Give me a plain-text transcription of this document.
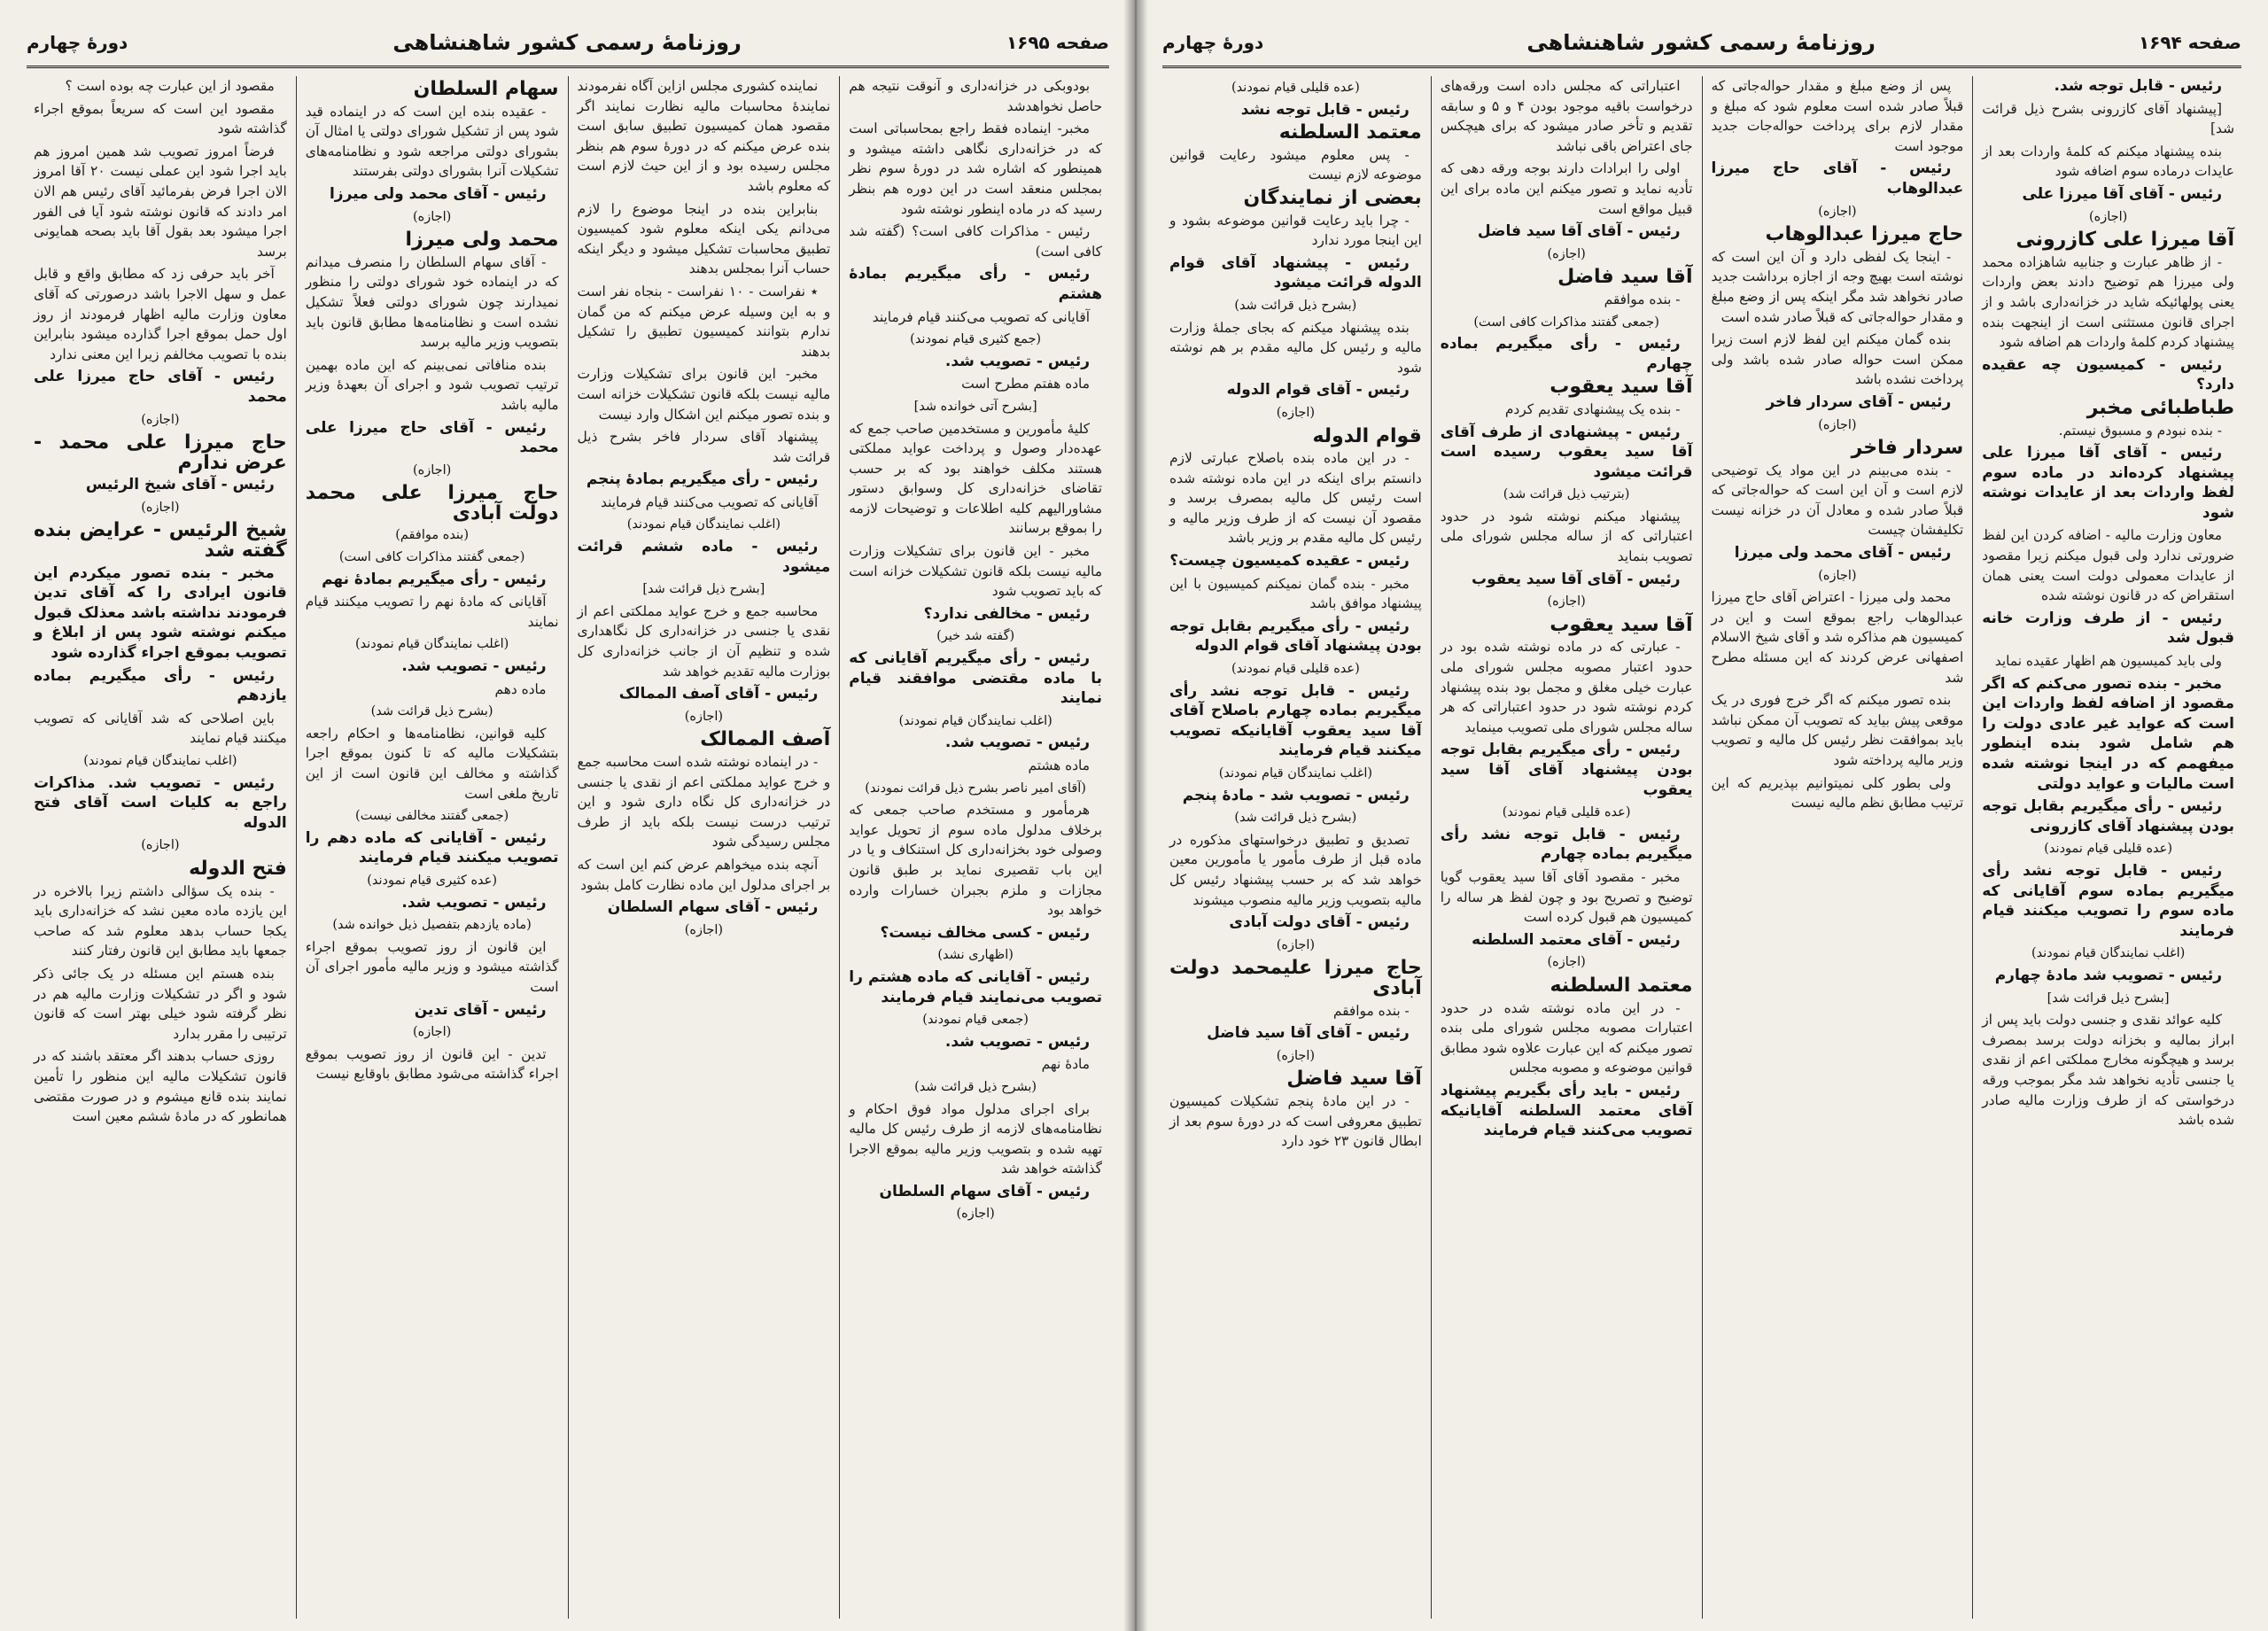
صفحه ۱۶۹۵
روزنامهٔ رسمی کشور شاهنشاهی
دورهٔ چهارم

بودوبکی در خزانه‌داری و آنوقت نتیجه هم حاصل نخواهدشد

مخبر- اینماده فقط راجع بمحاسباتی است که در خزانه‌داری نگاهی داشته میشود و همینطور که اشاره شد در دورهٔ سوم نظر بمجلس منعقد است در این دوره هم بنظر رسید که در ماده اینطور نوشته شود

رئیس - مذاکرات کافی است؟ (گفته شد کافی است)

رئیس - رأی میگیریم بمادهٔ هشتم

آقایانی که تصویب می‌کنند قیام فرمایند

(جمع کثیری قیام نمودند)

رئیس - تصویب شد.

ماده هفتم مطرح است

[بشرح آتی خوانده شد]

کلیهٔ مأمورین و مستخدمین صاحب جمع که عهده‌دار وصول و پرداخت عواید مملکتی هستند مکلف خواهند بود که بر حسب تقاضای خزانه‌داری کل وسوابق دستور مشاورالیهم کلیه اطلاعات و توضیحات لازمه را بموقع برسانند

مخبر - این قانون برای تشکیلات وزارت مالیه نیست بلکه قانون تشکیلات خزانه است که باید تصویب شود

رئیس - مخالفی ندارد؟

(گفته شد خیر)

رئیس - رأی میگیریم آقایانی که با ماده مقتضی موافقند قیام نمایند

(اغلب نمایندگان قیام نمودند)

رئیس - تصویب شد.

ماده هشتم

(آقای امیر ناصر بشرح ذیل قرائت نمودند)

هرمأمور و مستخدم صاحب جمعی که برخلاف مدلول ماده سوم از تحویل عواید وصولی خود بخزانه‌داری کل استنکاف و یا در این باب تقصیری نماید بر طبق قانون مجازات و ملزم بجبران خسارات وارده خواهد بود

رئیس - کسی مخالف نیست؟

(اظهاری نشد)

رئیس - آقایانی که ماده هشتم را تصویب می‌نمایند قیام فرمایند

(جمعی قیام نمودند)

رئیس - تصویب شد.

مادهٔ نهم

(بشرح ذیل قرائت شد)

برای اجرای مدلول مواد فوق احکام و نظامنامه‌های لازمه از طرف رئیس کل مالیه تهیه شده و بتصویب وزیر مالیه بموقع الاجرا گذاشته خواهد شد

رئیس - آقای سهام السلطان

(اجازه)

نماینده کشوری مجلس ازاین آگاه نفرمودند نمایندهٔ محاسبات مالیه نظارت نمایند اگر مقصود همان کمیسیون تطبیق سابق است بنده عرض میکنم که در دورهٔ سوم هم بنظر مجلس رسیده بود و از این حیث لازم است که معلوم باشد

بنابراین بنده در اینجا موضوع را لازم می‌دانم یکی اینکه معلوم شود کمیسیون تطبیق محاسبات تشکیل میشود و دیگر اینکه حساب آنرا بمجلس بدهند

٭ نفراست - ۱۰ نفراست - بنجاه نفر است و به این وسیله عرض میکنم که من گمان ندارم بتوانند کمیسیون تطبیق را تشکیل بدهند

مخبر- این قانون برای تشکیلات وزارت مالیه نیست بلکه قانون تشکیلات خزانه است و بنده تصور میکنم این اشکال وارد نیست

پیشنهاد آقای سردار فاخر بشرح ذیل قرائت شد

رئیس - رأی میگیریم بمادهٔ پنجم

آقایانی که تصویب می‌کنند قیام فرمایند

(اغلب نمایندگان قیام نمودند)

رئیس - ماده ششم قرائت میشود

[بشرح ذیل قرائت شد]

محاسبه جمع و خرج عواید مملکتی اعم از نقدی یا جنسی در خزانه‌داری کل نگاهداری شده و تنظیم آن از جانب خزانه‌داری کل بوزارت مالیه تقدیم خواهد شد

رئیس - آقای آصف الممالک

(اجازه)
آصف الممالک

- در اینماده نوشته شده است محاسبه جمع و خرج عواید مملکتی اعم از نقدی یا جنسی در خزانه‌داری کل نگاه داری شود و این ترتیب درست نیست بلکه باید از طرف مجلس رسیدگی شود

آنچه بنده میخواهم عرض کنم این است که بر اجرای مدلول این ماده نظارت کامل بشود

رئیس - آقای سهام السلطان

(اجازه)
سهام السلطان

- عقیده بنده این است که در اینماده قید شود پس از تشکیل شورای دولتی یا امثال آن بشورای دولتی مراجعه شود و نظامنامه‌های تشکیلات آنرا بشورای دولتی بفرستند

رئیس - آقای محمد ولی میرزا

(اجازه)
محمد ولی میرزا

- آقای سهام السلطان را منصرف میدانم که در اینماده خود شورای دولتی را منظور نمیدارند چون شورای دولتی فعلاً تشکیل نشده است و نظامنامه‌ها مطابق قانون باید بتصویب وزیر مالیه برسد

بنده منافاتی نمی‌بینم که این ماده بهمین ترتیب تصویب شود و اجرای آن بعهدهٔ وزیر مالیه باشد

رئیس - آقای حاج میرزا علی محمد

(اجازه)
حاج میرزا علی محمد دولت آبادی
(بنده موافقم)
(جمعی گفتند مذاکرات کافی است)

رئیس - رأی میگیریم بمادهٔ نهم

آقایانی که مادهٔ نهم را تصویب میکنند قیام نمایند

(اغلب نمایندگان قیام نمودند)

رئیس - تصویب شد.

ماده دهم

(بشرح ذیل قرائت شد)

کلیه قوانین، نظامنامه‌ها و احکام راجعه بتشکیلات مالیه که تا کنون بموقع اجرا گذاشته و مخالف این قانون است از این تاریخ ملغی است

(جمعی گفتند مخالفی نیست)

رئیس - آقایانی که ماده دهم را تصویب میکنند قیام فرمایند

(عده کثیری قیام نمودند)

رئیس - تصویب شد.

(ماده یازدهم بتفصیل ذیل خوانده شد)

این قانون از روز تصویب بموقع اجراء گذاشته میشود و وزیر مالیه مأمور اجرای آن است

رئیس - آقای تدین

(اجازه)

تدین - این قانون از روز تصویب بموقع اجراء گذاشته می‌شود مطابق باوقایع نیست

مقصود از این عبارت چه بوده است ؟

مقصود این است که سریعاً بموقع اجراء گذاشته شود

فرضاً امروز تصویب شد همین امروز هم باید اجرا شود این عملی نیست ۲۰ آقا امروز الان اجرا فرض بفرمائید آقای رئیس هم الان امر دادند که قانون نوشته شود آیا فی الفور اجرا میشود بعد بقول آقا باید بصحه همایونی برسد

آخر باید حرفی زد که مطابق واقع و قابل عمل و سهل الاجرا باشد درصورتی که آقای معاون وزارت مالیه اظهار فرمودند از روز اول حمل بموقع اجرا گذارده میشود بنابراین بنده با تصویب مخالفم زیرا این معنی ندارد

رئیس - آقای حاج میرزا علی محمد

(اجازه)
حاج میرزا علی محمد - عرض ندارم

رئیس - آقای شیخ الرئیس

(اجازه)
شیخ الرئیس - عرایض بنده گفته شد

مخبر - بنده تصور میکردم این قانون ایرادی را که آقای تدین فرمودند نداشته باشد معذلک قبول میکنم نوشته شود پس از ابلاغ و تصویب بموقع اجراء گذارده شود

رئیس - رأی میگیریم بماده یازدهم

باین اصلاحی که شد آقایانی که تصویب میکنند قیام نمایند

(اغلب نمایندگان قیام نمودند)

رئیس - تصویب شد. مذاکرات راجع به کلیات است آقای فتح الدوله

(اجازه)
فتح الدوله

- بنده یک سؤالی داشتم زیرا بالاخره در این یازده ماده معین نشد که خزانه‌داری باید یکجا حساب بدهد معلوم شد که صاحب جمعها باید مطابق این قانون رفتار کنند

بنده هستم این مسئله در یک جائی ذکر شود و اگر در تشکیلات وزارت مالیه هم در نظر گرفته شود خیلی بهتر است که قانون ترتیبی را مقرر بدارد

روزی حساب بدهند اگر معتقد باشند که در قانون تشکیلات مالیه این منظور را تأمین نمایند بنده قانع میشوم و در صورت مقتضی همانطور که در مادهٔ ششم معین است

صفحه ۱۶۹۴
روزنامهٔ رسمی کشور شاهنشاهی
دورهٔ چهارم

رئیس - قابل توجه شد.

[پیشنهاد آقای کازرونی بشرح ذیل قرائت شد]

بنده پیشنهاد میکنم که کلمهٔ واردات بعد از عایدات درماده سوم اضافه شود

رئیس - آقای آقا میرزا علی

(اجازه)
آقا میرزا علی کازرونی

- از ظاهر عبارت و جنابیه شاهزاده محمد ولی میرزا هم توضیح دادند بعض واردات یعنی پولهائیکه شاید در خزانه‌داری باشد و از اجرای قانون مستثنی است از اینجهت بنده پیشنهاد کردم کلمهٔ واردات هم اضافه شود

رئیس - کمیسیون چه عقیده دارد؟

طباطبائی مخبر

- بنده نبودم و مسبوق نیستم.

رئیس - آقای آقا میرزا علی پیشنهاد کرده‌اند در ماده سوم لفظ واردات بعد از عایدات نوشته شود

معاون وزارت مالیه - اضافه کردن این لفظ ضرورتی ندارد ولی قبول میکنم زیرا مقصود از عایدات معمولی دولت است یعنی همان استقراض که در قانون نوشته شده

رئیس - از طرف وزارت خانه قبول شد

ولی باید کمیسیون هم اظهار عقیده نماید

مخبر - بنده تصور می‌کنم که اگر مقصود از اضافه لفظ واردات این است که عواید غیر عادی دولت را هم شامل شود بنده اینطور میفهمم که در اینجا نوشته شده است مالیات و عواید دولتی

رئیس - رأی میگیریم بقابل توجه بودن پیشنهاد آقای کازرونی

(عده قلیلی قیام نمودند)

رئیس - قابل توجه نشد رأی میگیریم بماده سوم آقایانی که ماده سوم را تصویب میکنند قیام فرمایند

(اغلب نمایندگان قیام نمودند)

رئیس - تصویب شد مادهٔ چهارم

[بشرح ذیل قرائت شد]

کلیه عوائد نقدی و جنسی دولت باید پس از ابراز بمالیه و بخزانه دولت برسد بمصرف برسد و هیچگونه مخارج مملکتی اعم از نقدی یا جنسی تأدیه نخواهد شد مگر بموجب ورقه درخواستی که از طرف وزارت مالیه صادر شده باشد

پس از وضع مبلغ و مقدار حواله‌جاتی که قبلاً صادر شده است معلوم شود که مبلغ و مقدار لازم برای پرداخت حواله‌جات جدید موجود است

رئیس - آقای حاج میرزا عبدالوهاب

(اجازه)
حاج میرزا عبدالوهاب

- اینجا یک لفظی دارد و آن این است که نوشته است بهیچ وجه از اجازه برداشت جدید صادر نخواهد شد مگر اینکه پس از وضع مبلغ و مقدار حواله‌جاتی که قبلاً صادر شده است

بنده گمان میکنم این لفظ لازم است زیرا ممکن است حواله صادر شده باشد ولی پرداخت نشده باشد

رئیس - آقای سردار فاخر

(اجازه)
سردار فاخر

- بنده می‌بینم در این مواد یک توضیحی لازم است و آن این است که حواله‌جاتی که قبلاً صادر شده و معادل آن در خزانه نیست تکلیفشان چیست

رئیس - آقای محمد ولی میرزا

(اجازه)

محمد ولی میرزا - اعتراض آقای حاج میرزا عبدالوهاب راجع بموقع است و این در کمیسیون هم مذاکره شد و آقای شیخ الاسلام اصفهانی عرض کردند که این مسئله مطرح شد

بنده تصور میکنم که اگر خرج فوری در یک موقعی پیش بیاید که تصویب آن ممکن نباشد باید بموافقت نظر رئیس کل مالیه و تصویب وزیر مالیه پرداخته شود

ولی بطور کلی نمیتوانیم بپذیریم که این ترتیب مطابق نظم مالیه نیست

اعتباراتی که مجلس داده است ورقه‌های درخواست باقیه موجود بودن ۴ و ۵ و سابقه تقدیم و تأخر صادر میشود که برای هیچکس جای اعتراض باقی نباشد

اولی را ابرادات دارند بوجه ورقه دهی که تأدیه نماید و تصور میکنم این ماده برای این قبیل مواقع است

رئیس - آقای آقا سید فاضل

(اجازه)
آقا سید فاضل

- بنده موافقم

(جمعی گفتند مذاکرات کافی است)

رئیس - رأی میگیریم بماده چهارم

آقا سید یعقوب

- بنده یک پیشنهادی تقدیم کردم

رئیس - پیشنهادی از طرف آقای آقا سید یعقوب رسیده است قرائت میشود

(بترتیب ذیل قرائت شد)

پیشنهاد میکنم نوشته شود در حدود اعتباراتی که از ساله مجلس شورای ملی تصویب بنماید

رئیس - آقای آقا سید یعقوب

(اجازه)
آقا سید یعقوب

- عبارتی که در ماده نوشته شده بود در حدود اعتبار مصوبه مجلس شورای ملی عبارت خیلی مغلق و مجمل بود بنده پیشنهاد کردم نوشته شود در حدود اعتباراتی که هر ساله مجلس شورای ملی تصویب مینماید

رئیس - رأی میگیریم بقابل توجه بودن پیشنهاد آقای آقا سید یعقوب

(عده قلیلی قیام نمودند)

رئیس - قابل توجه نشد رأی میگیریم بماده چهارم

مخبر - مقصود آقای آقا سید یعقوب گویا توضیح و تصریح بود و چون لفظ هر ساله را کمیسیون هم قبول کرده است

رئیس - آقای معتمد السلطنه

(اجازه)
معتمد السلطنه

- در این ماده نوشته شده در حدود اعتبارات مصوبه مجلس شورای ملی بنده تصور میکنم که این عبارت علاوه شود مطابق قوانین موضوعه و مصوبه مجلس

رئیس - باید رأی بگیریم پیشنهاد آقای معتمد السلطنه آقایانیکه تصویب می‌کنند قیام فرمایند

(عده قلیلی قیام نمودند)

رئیس - قابل توجه نشد

معتمد السلطنه

- پس معلوم میشود رعایت قوانین موضوعه لازم نیست

بعضی از نمایندگان

- چرا باید رعایت قوانین موضوعه بشود و این اینجا مورد ندارد

رئیس - پیشنهاد آقای قوام الدوله قرائت میشود

(بشرح ذیل قرائت شد)

بنده پیشنهاد میکنم که بجای جملهٔ وزارت مالیه و رئیس کل مالیه مقدم بر هم نوشته شود

رئیس - آقای قوام الدوله

(اجازه)
قوام الدوله

- در این ماده بنده باصلاح عبارتی لازم دانستم برای اینکه در این ماده نوشته شده است رئیس کل مالیه بمصرف برسد و مقصود آن نیست که از طرف وزیر مالیه و رئیس کل مالیه مقدم بر وزیر باشد

رئیس - عقیده کمیسیون چیست؟

مخبر - بنده گمان نمیکنم کمیسیون با این پیشنهاد موافق باشد

رئیس - رأی میگیریم بقابل توجه بودن پیشنهاد آقای قوام الدوله

(عده قلیلی قیام نمودند)

رئیس - قابل توجه نشد رأی میگیریم بماده چهارم باصلاح آقای آقا سید یعقوب آقایانیکه تصویب میکنند قیام فرمایند

(اغلب نمایندگان قیام نمودند)

رئیس - تصویب شد - مادهٔ پنجم

(بشرح ذیل قرائت شد)

تصدیق و تطبیق درخواستهای مذکوره در ماده قبل از طرف مأمور یا مأمورین معین خواهد شد که بر حسب پیشنهاد رئیس کل مالیه بتصویب وزیر مالیه منصوب میشوند

رئیس - آقای دولت آبادی

(اجازه)
حاج میرزا علیمحمد دولت آبادی

- بنده موافقم

رئیس - آقای آقا سید فاضل

(اجازه)
آقا سید فاضل

- در این مادهٔ پنجم تشکیلات کمیسیون تطبیق معروفی است که در دورهٔ سوم بعد از ابطال قانون ۲۳ خود دارد
